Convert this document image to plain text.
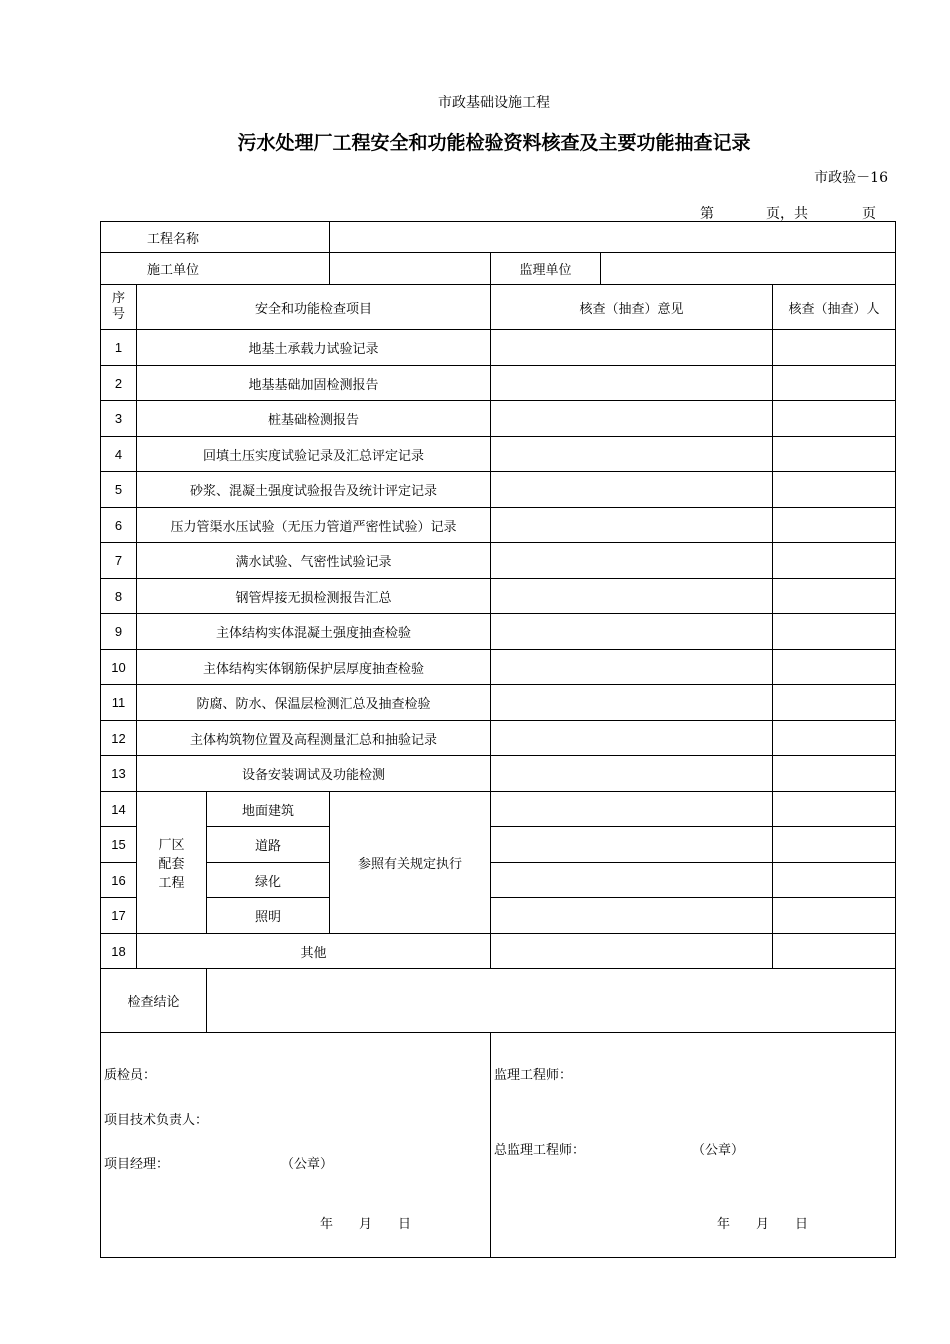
市政基础设施工程
污水处理厂工程安全和功能检验资料核查及主要功能抽查记录
市政验－16
第	页，共	页
工程名称						
施工单位				监理单位		
序号	安全和功能检查项目			核查（抽查）意见		核查（抽查）人
1	地基土承载力试验记录					
2	地基基础加固检测报告					
3	桩基础检测报告					
4	回填土压实度试验记录及汇总评定记录					
5	砂浆、混凝土强度试验报告及统计评定记录					
6	压力管渠水压试验（无压力管道严密性试验）记录					
7	满水试验、气密性试验记录					
8	钢管焊接无损检测报告汇总					
9	主体结构实体混凝土强度抽查检验					
10	主体结构实体钢筋保护层厚度抽查检验					
11	防腐、防水、保温层检测汇总及抽查检验					
12	主体构筑物位置及高程测量汇总和抽验记录					
13	设备安装调试及功能检测					
14	厂区配套工程	地面建筑	参照有关规定执行			
15		道路				
16		绿化				
17		照明				
18	其他					
检查结论						

质检员：
项目技术负责人：
项目经理：	（公章）
年　　月　　日
监理工程师：
总监理工程师：	（公章）
年　　月　　日
